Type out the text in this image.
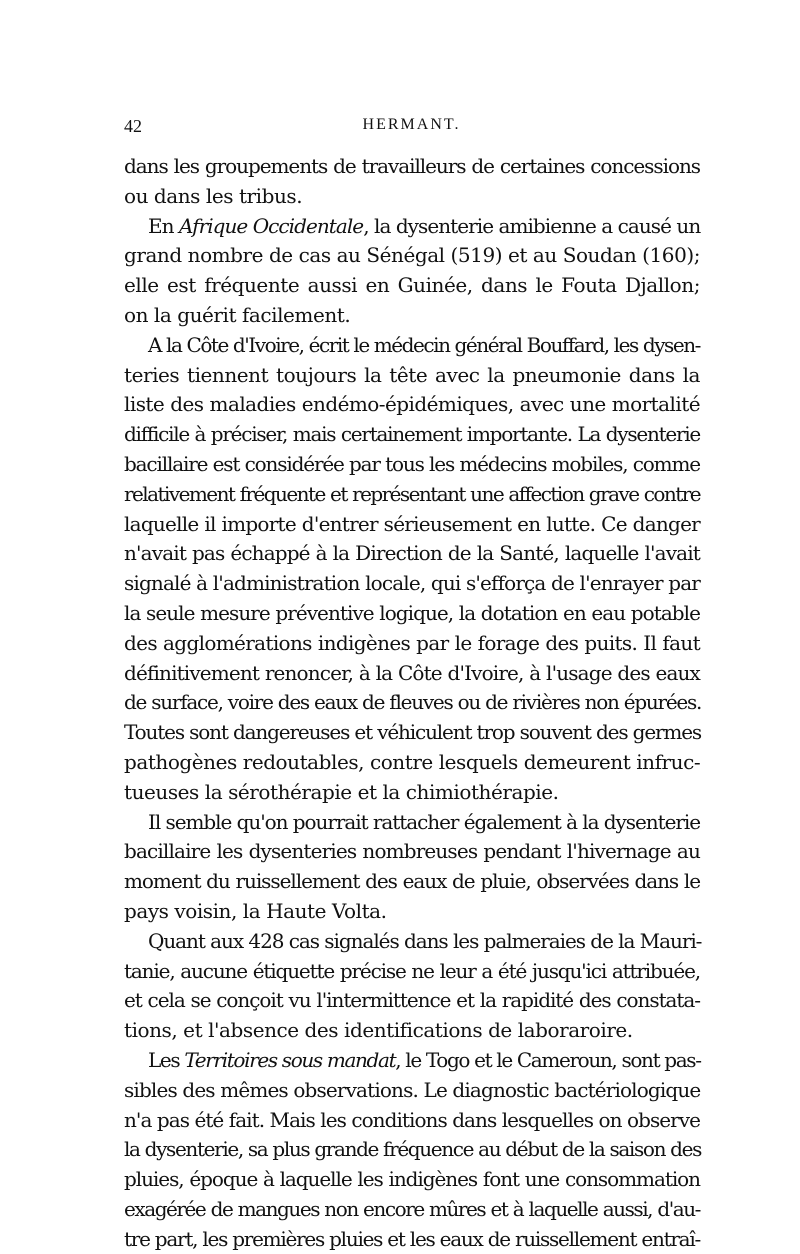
42	HERMANT.
dans les groupements de travailleurs de certaines concessions
ou dans les tribus.
En Afrique Occidentale, la dysenterie amibienne a causé un
grand nombre de cas au Sénégal (519) et au Soudan (160);
elle est fréquente aussi en Guinée, dans le Fouta Djallon;
on la guérit facilement.
A la Côte d'Ivoire, écrit le médecin général Bouffard, les dysen-
teries tiennent toujours la tête avec la pneumonie dans la
liste des maladies endémo-épidémiques, avec une mortalité
difficile à préciser, mais certainement importante. La dysenterie
bacillaire est considérée par tous les médecins mobiles, comme
relativement fréquente et représentant une affection grave contre
laquelle il importe d'entrer sérieusement en lutte. Ce danger
n'avait pas échappé à la Direction de la Santé, laquelle l'avait
signalé à l'administration locale, qui s'efforça de l'enrayer par
la seule mesure préventive logique, la dotation en eau potable
des agglomérations indigènes par le forage des puits. Il faut
définitivement renoncer, à la Côte d'Ivoire, à l'usage des eaux
de surface, voire des eaux de fleuves ou de rivières non épurées.
Toutes sont dangereuses et véhiculent trop souvent des germes
pathogènes redoutables, contre lesquels demeurent infruc-
tueuses la sérothérapie et la chimiothérapie.
Il semble qu'on pourrait rattacher également à la dysenterie
bacillaire les dysenteries nombreuses pendant l'hivernage au
moment du ruissellement des eaux de pluie, observées dans le
pays voisin, la Haute Volta.
Quant aux 428 cas signalés dans les palmeraies de la Mauri-
tanie, aucune étiquette précise ne leur a été jusqu'ici attribuée,
et cela se conçoit vu l'intermittence et la rapidité des constata-
tions, et l'absence des identifications de laboraroire.
Les Territoires sous mandat, le Togo et le Cameroun, sont pas-
sibles des mêmes observations. Le diagnostic bactériologique
n'a pas été fait. Mais les conditions dans lesquelles on observe
la dysenterie, sa plus grande fréquence au début de la saison des
pluies, époque à laquelle les indigènes font une consommation
exagérée de mangues non encore mûres et à laquelle aussi, d'au-
tre part, les premières pluies et les eaux de ruissellement entraî-
